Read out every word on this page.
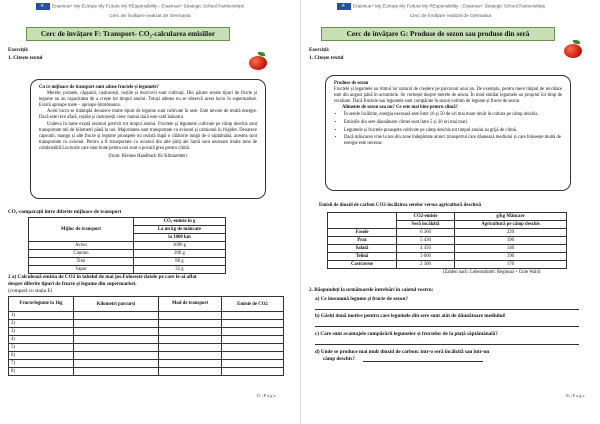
★Erasmus+ My EUrope My FUture My REsponsibility - Erasmus+ Strategic School Partnerships
Cerc de învățare realizat de Germania
Cerc de învățare F: Transport- CO₂-calcularea emisiilor
Exerciții:
1. Citește textul

Cu ce mijloace de transport sunt aduse fructele și legumele?

Merele, prunele, căpșunii, castraveții, roșiile și morcovii sunt cultivați. Din păcate aceste tipuri de fructe și legume nu au capacitatea de a crește tot timpul anului. Totuși adesea nu se observă acest lucru în supermarket. Există aproape toate – aproape întotdeauna.

Acest lucru se întâmplă deoarece multe tipuri de legume sunt cultivate în sere. Este nevoie de multă energie. Dacă este rece afară, roșiile și castraveții cresc numai dacă este cald înăuntru.

Undeva în lume există sezonul potrivit tot timpul anului. Fructele și legumele cultivate pe câmp deschis sunt transportate mii de kilometri până la noi. Majoritatea sunt transportate cu avionul și camionul în frigider. Deoarece capsunii, mango și alte fructe și legume proaspete nu rezistă după o călătorie lungă de o săptămână, acestea sunt transportate cu avionul. Pentru a fi transportate cu avionul din alte părți ale lumii sunt necesare multe tone de combustibil.Lucrurile care sunt bune pentru noi sunt o povară grea pentru climă.

(from: Kleines Handbuch für Klimaretter)

CO₂-comparații între diferite mijloace de transport
Mijloc de transport	CO₂-emisie in g
	La un kg de mâncare
	la 1000 km
Avion	1000 g
Camion	200 g
Tren	80 g
Vapor	35 g
2 a) Calculează emisia de CO2 în tabelul de mai jos.Folosește datele pe care le-ai aflat
despre diferite tipuri de fructe și legume din supermarket.
(compară cu stația E)
Fructe/legume la 1kg	Kilometri parcurși	Mod de transport	Emisie de CO2
1)			
2)			
3)			
4)			
5)			
6)			
7)			
8)			
15 | P a g e
★Erasmus+ My EUrope My FUture My REsponsibility - Erasmus+ Strategic School Partnerships
Cerc de învățare realizat de Germania
Cerc de învățare G: Produse de sezon sau produse din seră
Exerciții:
1. Citește textul

Produse de sezon

Fructele și legumele au ritmul lor natural de creștere pe parcursul unui an. De exemplu, pentru mere timpul de recoltare este din august până în octombrie. Se vorbește despre merele de sezon. În mod similar legumele au propriul lor timp de recoltare. Dacă fructele sau legumele sunt cumpărate în sezon vorbim de legume și fructe de sezon

Alimente de sezon sau nu? Ce este mai bine pentru climă?

• În serele încălzite, energia necesară este între 10 și 50 de ori mai mare decât în cultura pe câmp deschis.
• Emisiile din sere dăunătoare climei sunt între 5 și 30 ori mai mari.
• Legumele și fructele proaspete cultivate pe câmp deschis tot timpul anului au grijă de climă.
• Dacă mâncarea vine la noi din zone îndepărtate atunci transportul care dăunează mediului și care folosește multă de energie este necesar.
Emisii de dioxid de carbon CO2-încălzirea serelor versus agricultură deschisă
	CO2-emisie	g/kg Mâncare
	Seră încălzită	Agricultură pe câmp deschis
Fasole	6 360	220
Praz	5 430	190
Salată	4 450	140
Telină	3 660	190
Castravete	2 300	170
(Zahlen nach: Lebensmittel: Regional + Gute Wahl)
2. Răspundeți la următoarele întrebări în caietul vostru:
a) Ce înseamnă legume și fructe de sezon?
b) Găsiți două motive pentru care legumele din sere sunt atât de dăunătoare mediului!
c) Care sunt avantajele cumpărării legumelor și fructelor de la piață săptămânală?
d) Unde se produce mai mult dioxid de carbon: într-o seră încălzită sau într-un
câmp deschis?
16 | P a g e
